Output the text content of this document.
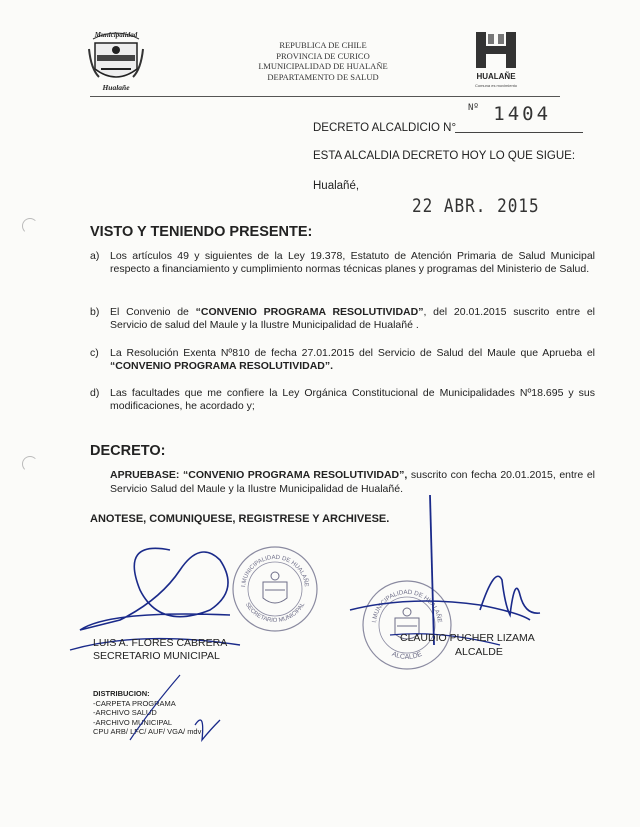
Municipalidad
Hualañe
REPUBLICA DE CHILE
PROVINCIA DE CURICO
I.MUNICIPALIDAD DE HUALAÑE
DEPARTAMENTO DE SALUD	HUALAÑE
Comuna es movimiento
DECRETO ALCALDICIO N°
$^{Nº}$ 1404
ESTA ALCALDIA DECRETO HOY LO QUE SIGUE:
Hualañé,
22 ABR. 2015
VISTO Y TENIENDO PRESENTE:
a) Los artículos 49 y siguientes de la Ley 19.378, Estatuto de Atención Primaria de Salud Municipal respecto a financiamiento y cumplimiento normas técnicas planes y programas del Ministerio de Salud.
b) El Convenio de “CONVENIO PROGRAMA RESOLUTIVIDAD”, del 20.01.2015 suscrito entre el Servicio de salud del Maule y la Ilustre Municipalidad de Hualañé .
c) La Resolución Exenta Nº810 de fecha 27.01.2015 del Servicio de Salud del Maule que Aprueba el “CONVENIO PROGRAMA RESOLUTIVIDAD”.
d) Las facultades que me confiere la Ley Orgánica Constitucional de Municipalidades Nº18.695 y sus modificaciones, he acordado y;
DECRETO:
APRUEBASE: “CONVENIO PROGRAMA RESOLUTIVIDAD”, suscrito con fecha 20.01.2015, entre el Servicio Salud del Maule y la Ilustre Municipalidad de Hualañé.
ANOTESE, COMUNIQUESE, REGISTRESE Y ARCHIVESE.
I.MUNICIPALIDAD DE HUALAÑE
SECRETARIO MUNICIPAL
I.MUNICIPALIDAD DE HUALAÑE
ALCALDE
LUIS A. FLORES CABRERA
SECRETARIO MUNICIPAL
CLAUDIO PUCHER LIZAMA
ALCALDE
DISTRIBUCION:
-CARPETA PROGRAMA
-ARCHIVO SALUD
-ARCHIVO MUNICIPAL
CPU ARB/ LFC/ AUF/ VGA/ mdv
